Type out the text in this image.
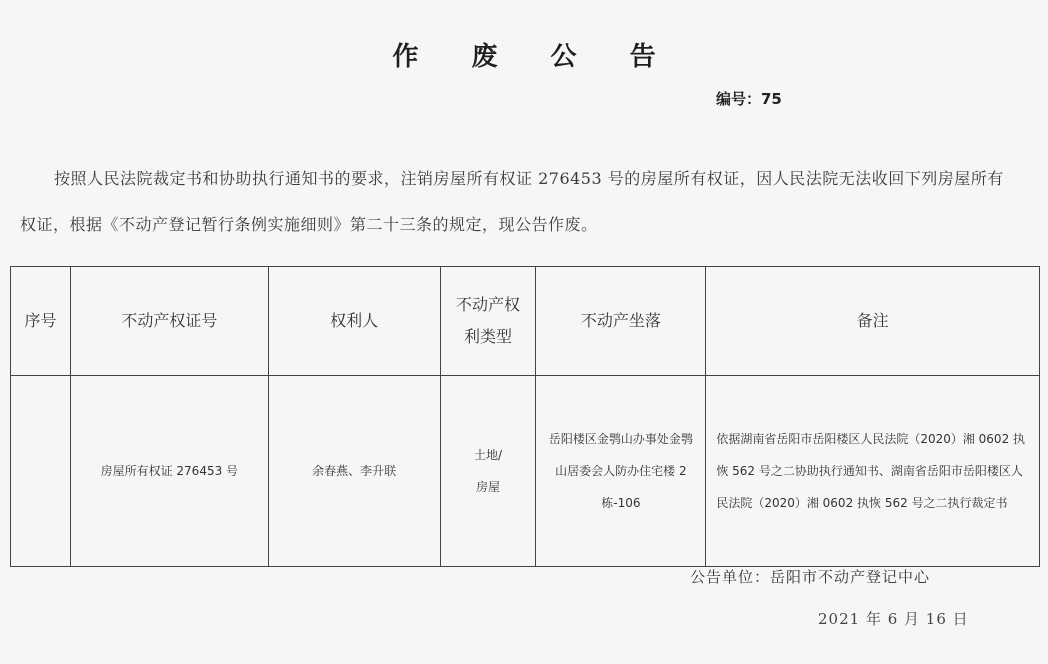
作 废 公 告
编号：75
按照人民法院裁定书和协助执行通知书的要求，注销房屋所有权证 276453 号的房屋所有权证，因人民法院无法收回下列房屋所有权证，根据《不动产登记暂行条例实施细则》第二十三条的规定，现公告作废。
序号	不动产权证号	权利人	不动产权利类型	不动产坐落	备注
	房屋所有权证 276453 号	余春燕、李升联	土地/房屋	岳阳楼区金鹗山办事处金鹗山居委会人防办住宅楼 2 栋-106	依据湖南省岳阳市岳阳楼区人民法院（2020）湘 0602 执恢 562 号之二协助执行通知书、湖南省岳阳市岳阳楼区人民法院（2020）湘 0602 执恢 562 号之二执行裁定书
公告单位：岳阳市不动产登记中心
2021 年 6 月 16 日
